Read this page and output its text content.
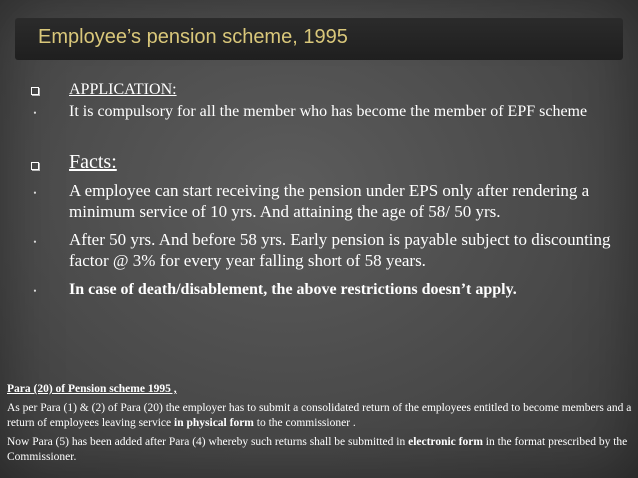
Employee’s pension scheme, 1995
APPLICATION:
•	It is compulsory for all the member who has become the member of EPF scheme
Facts:
•	A employee can start receiving the pension under EPS only after rendering a minimum service of 10 yrs. And attaining the age of 58/ 50 yrs.
•	After 50 yrs. And before 58 yrs. Early pension is payable subject to discounting factor @ 3% for every year falling short of 58 years.
•	In case of death/disablement, the above restrictions doesn’t apply.

Para (20) of Pension scheme 1995 ,

As per Para (1) & (2) of Para (20) the employer has to submit a consolidated return of the employees entitled to become members and a return of employees leaving service in physical form to the commissioner .

Now Para (5) has been added after Para (4) whereby such returns shall be submitted in electronic form in the format prescribed by the Commissioner.
